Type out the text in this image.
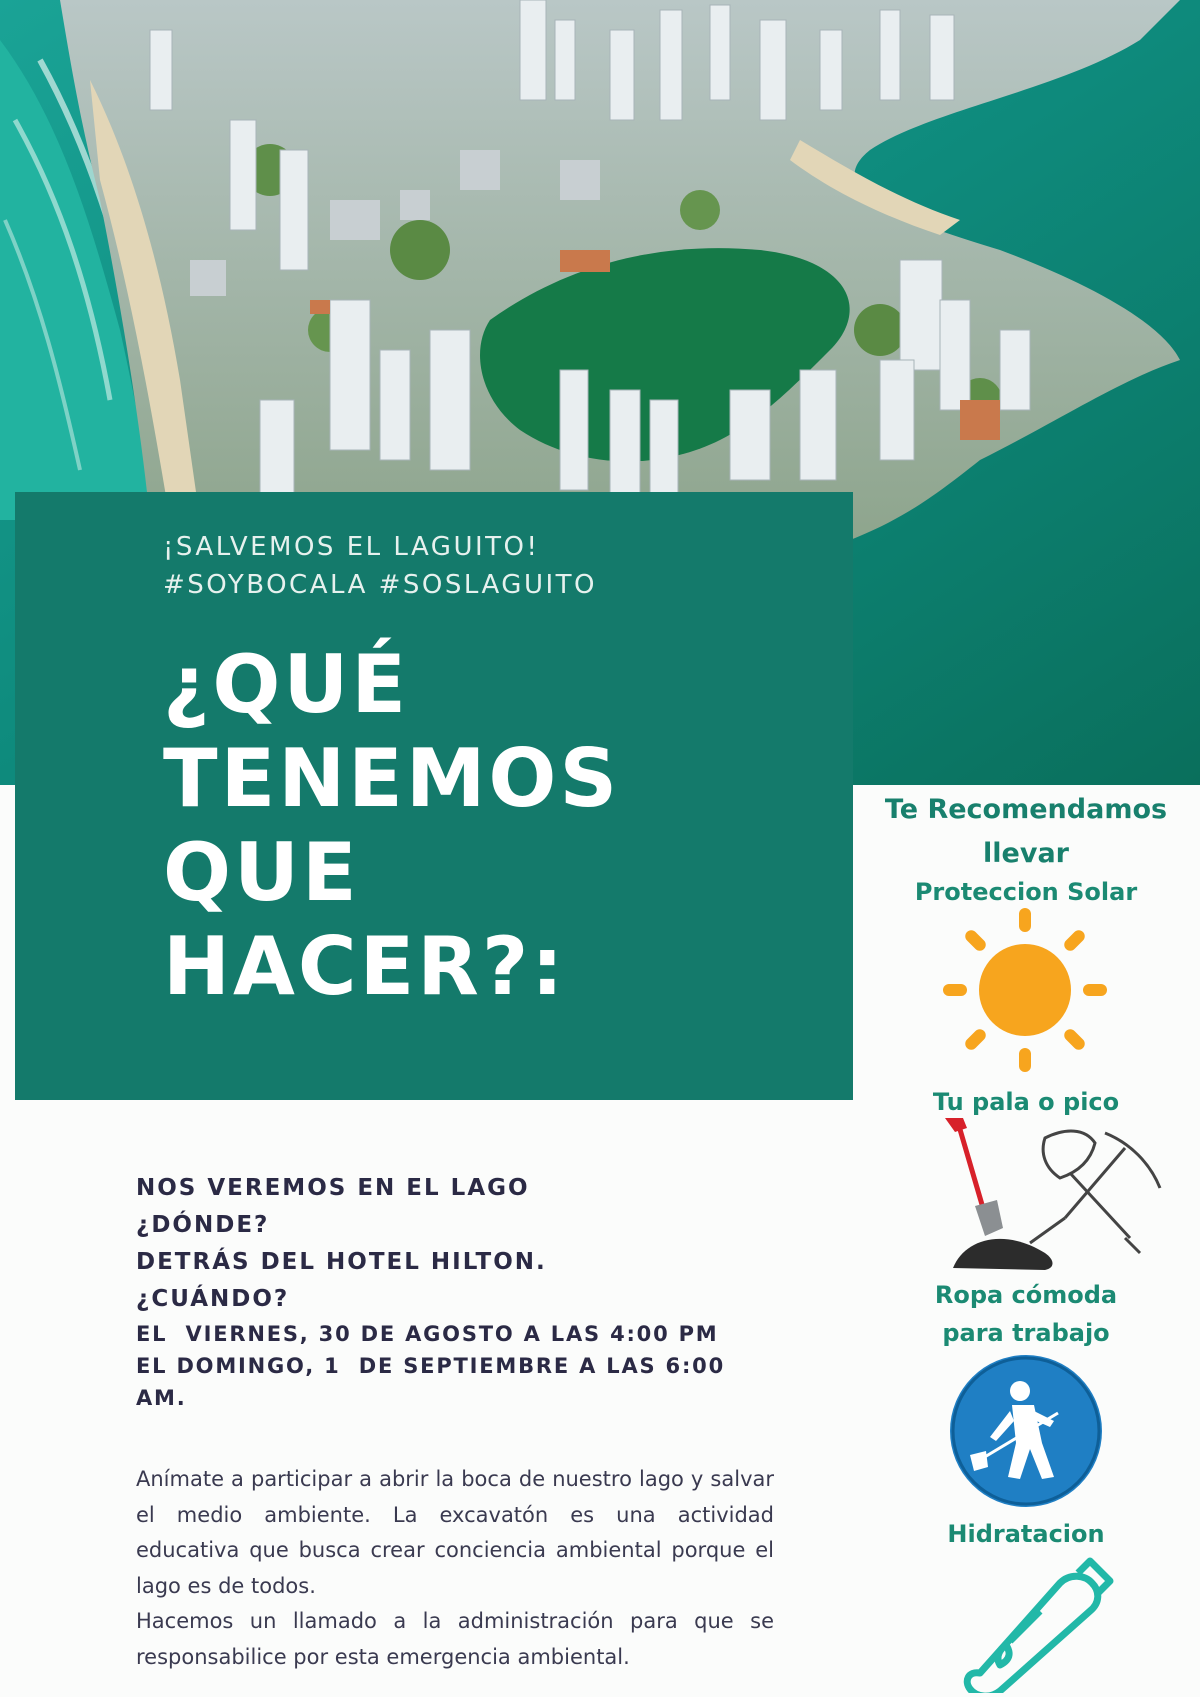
¡SALVEMOS EL LAGUITO!
#SOYBOCALA #SOSLAGUITO
¿QUÉ
TENEMOS
QUE
HACER?:
NOS VEREMOS EN EL LAGO
¿DÓNDE?
DETRÁS DEL HOTEL HILTON.
¿CUÁNDO?
EL  VIERNES, 30 DE AGOSTO A LAS 4:00 PM
EL DOMINGO, 1  DE SEPTIEMBRE A LAS 6:00 AM.

Anímate a participar a abrir la boca de nuestro lago y salvar el medio ambiente. La excavatón es una actividad educativa que busca crear conciencia ambiental porque el lago es de todos.

Hacemos un llamado a la administración para que se responsabilice por esta emergencia ambiental.

Te Recomendamos
llevar
Proteccion Solar
Tu pala o pico
Ropa cómoda
para trabajo
Hidratacion
